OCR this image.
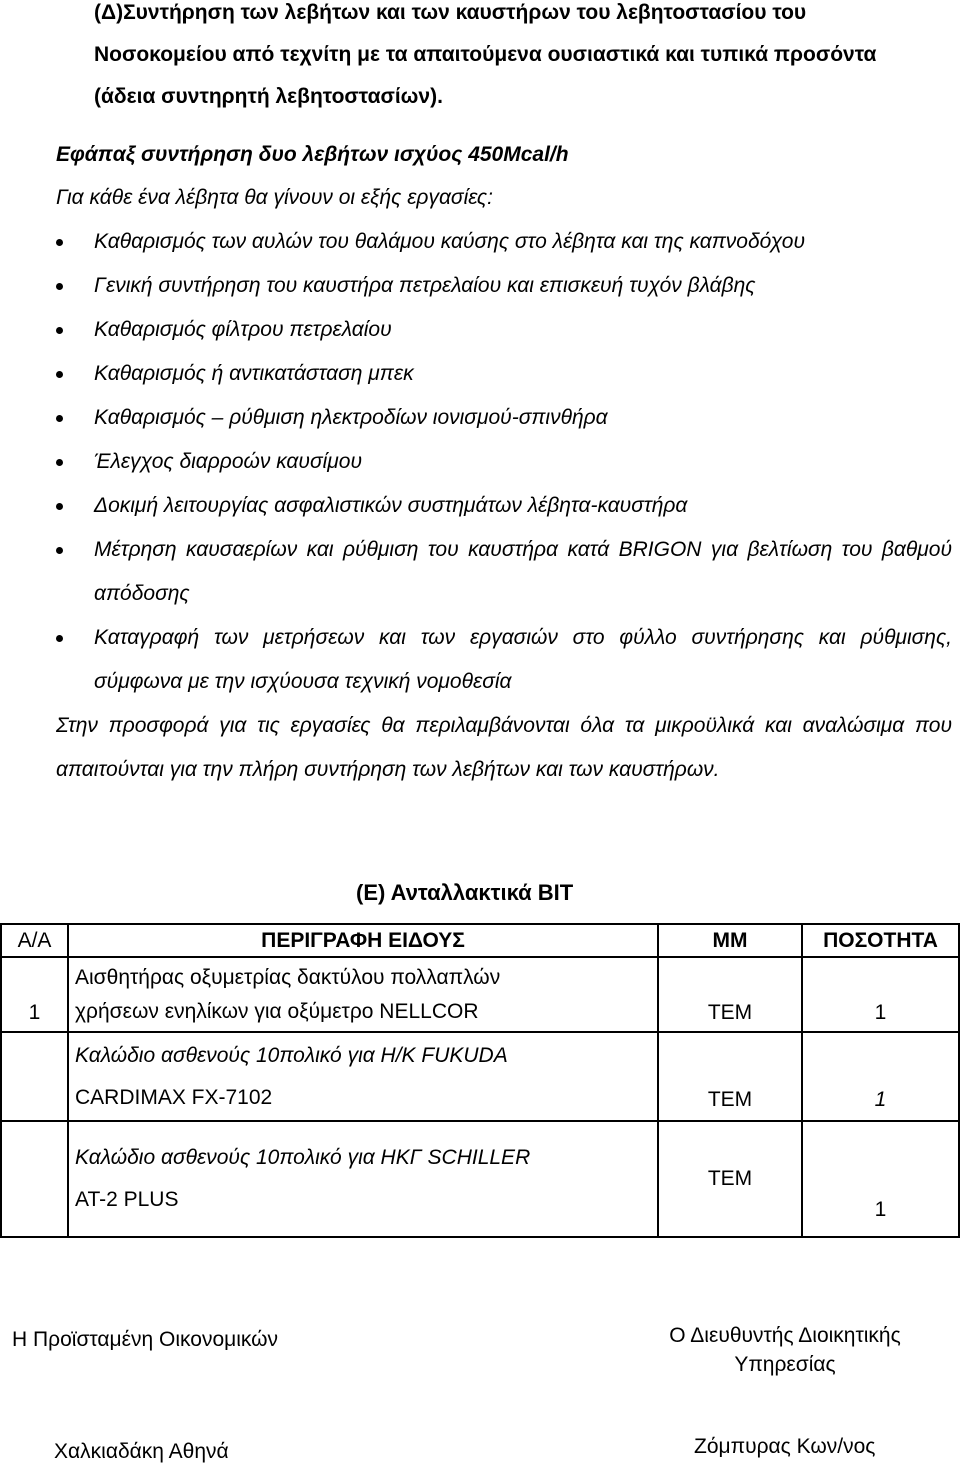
(Δ)Συντήρηση των λεβήτων και των καυστήρων του λεβητοστασίου του
Νοσοκομείου από τεχνίτη με τα απαιτούμενα ουσιαστικά και τυπικά προσόντα
(άδεια συντηρητή λεβητοστασίων).
Εφάπαξ συντήρηση δυο λεβήτων ισχύος 450Mcal/h
Για κάθε ένα λέβητα θα γίνουν οι εξής εργασίες:
Καθαρισμός των αυλών του θαλάμου καύσης στο λέβητα και της καπνοδόχου
Γενική συντήρηση του καυστήρα πετρελαίου και επισκευή τυχόν βλάβης
Καθαρισμός φίλτρου πετρελαίου
Καθαρισμός ή αντικατάσταση μπεκ
Καθαρισμός – ρύθμιση ηλεκτροδίων ιονισμού-σπινθήρα
Έλεγχος διαρροών καυσίμου
Δοκιμή λειτουργίας ασφαλιστικών συστημάτων λέβητα-καυστήρα
Μέτρηση καυσαερίων και ρύθμιση του καυστήρα κατά BRIGON για βελτίωση του βαθμού απόδοσης
Καταγραφή των μετρήσεων και των εργασιών στο φύλλο συντήρησης και ρύθμισης, σύμφωνα με την ισχύουσα τεχνική νομοθεσία
Στην προσφορά για τις εργασίες θα περιλαμβάνονται όλα τα μικροϋλικά και αναλώσιμα που απαιτούνται για την πλήρη συντήρηση των λεβήτων και των καυστήρων.
(Ε) Ανταλλακτικά ΒΙΤ
Α/Α	ΠΕΡΙΓΡΑΦΗ ΕΙΔΟΥΣ	ΜΜ	ΠΟΣΟΤΗΤΑ
1	Αισθητήρας οξυμετρίας δακτύλου πολλαπλών
χρήσεων ενηλίκων για οξύμετρο NELLCOR	ΤΕΜ	1

	Καλώδιο ασθενούς 10πολικό για Η/Κ FUKUDA
CARDIMAX FX-7102	ΤΕΜ	1

	Καλώδιο ασθενούς 10πολικό για ΗΚΓ SCHILLER
AT-2 PLUS	ΤΕΜ	1
Η Προϊσταμένη Οικονομικών	Ο Διευθυντής Διοικητικής
Υπηρεσίας
Χαλκιαδάκη Αθηνά	Ζόμπυρας Κων/νος
